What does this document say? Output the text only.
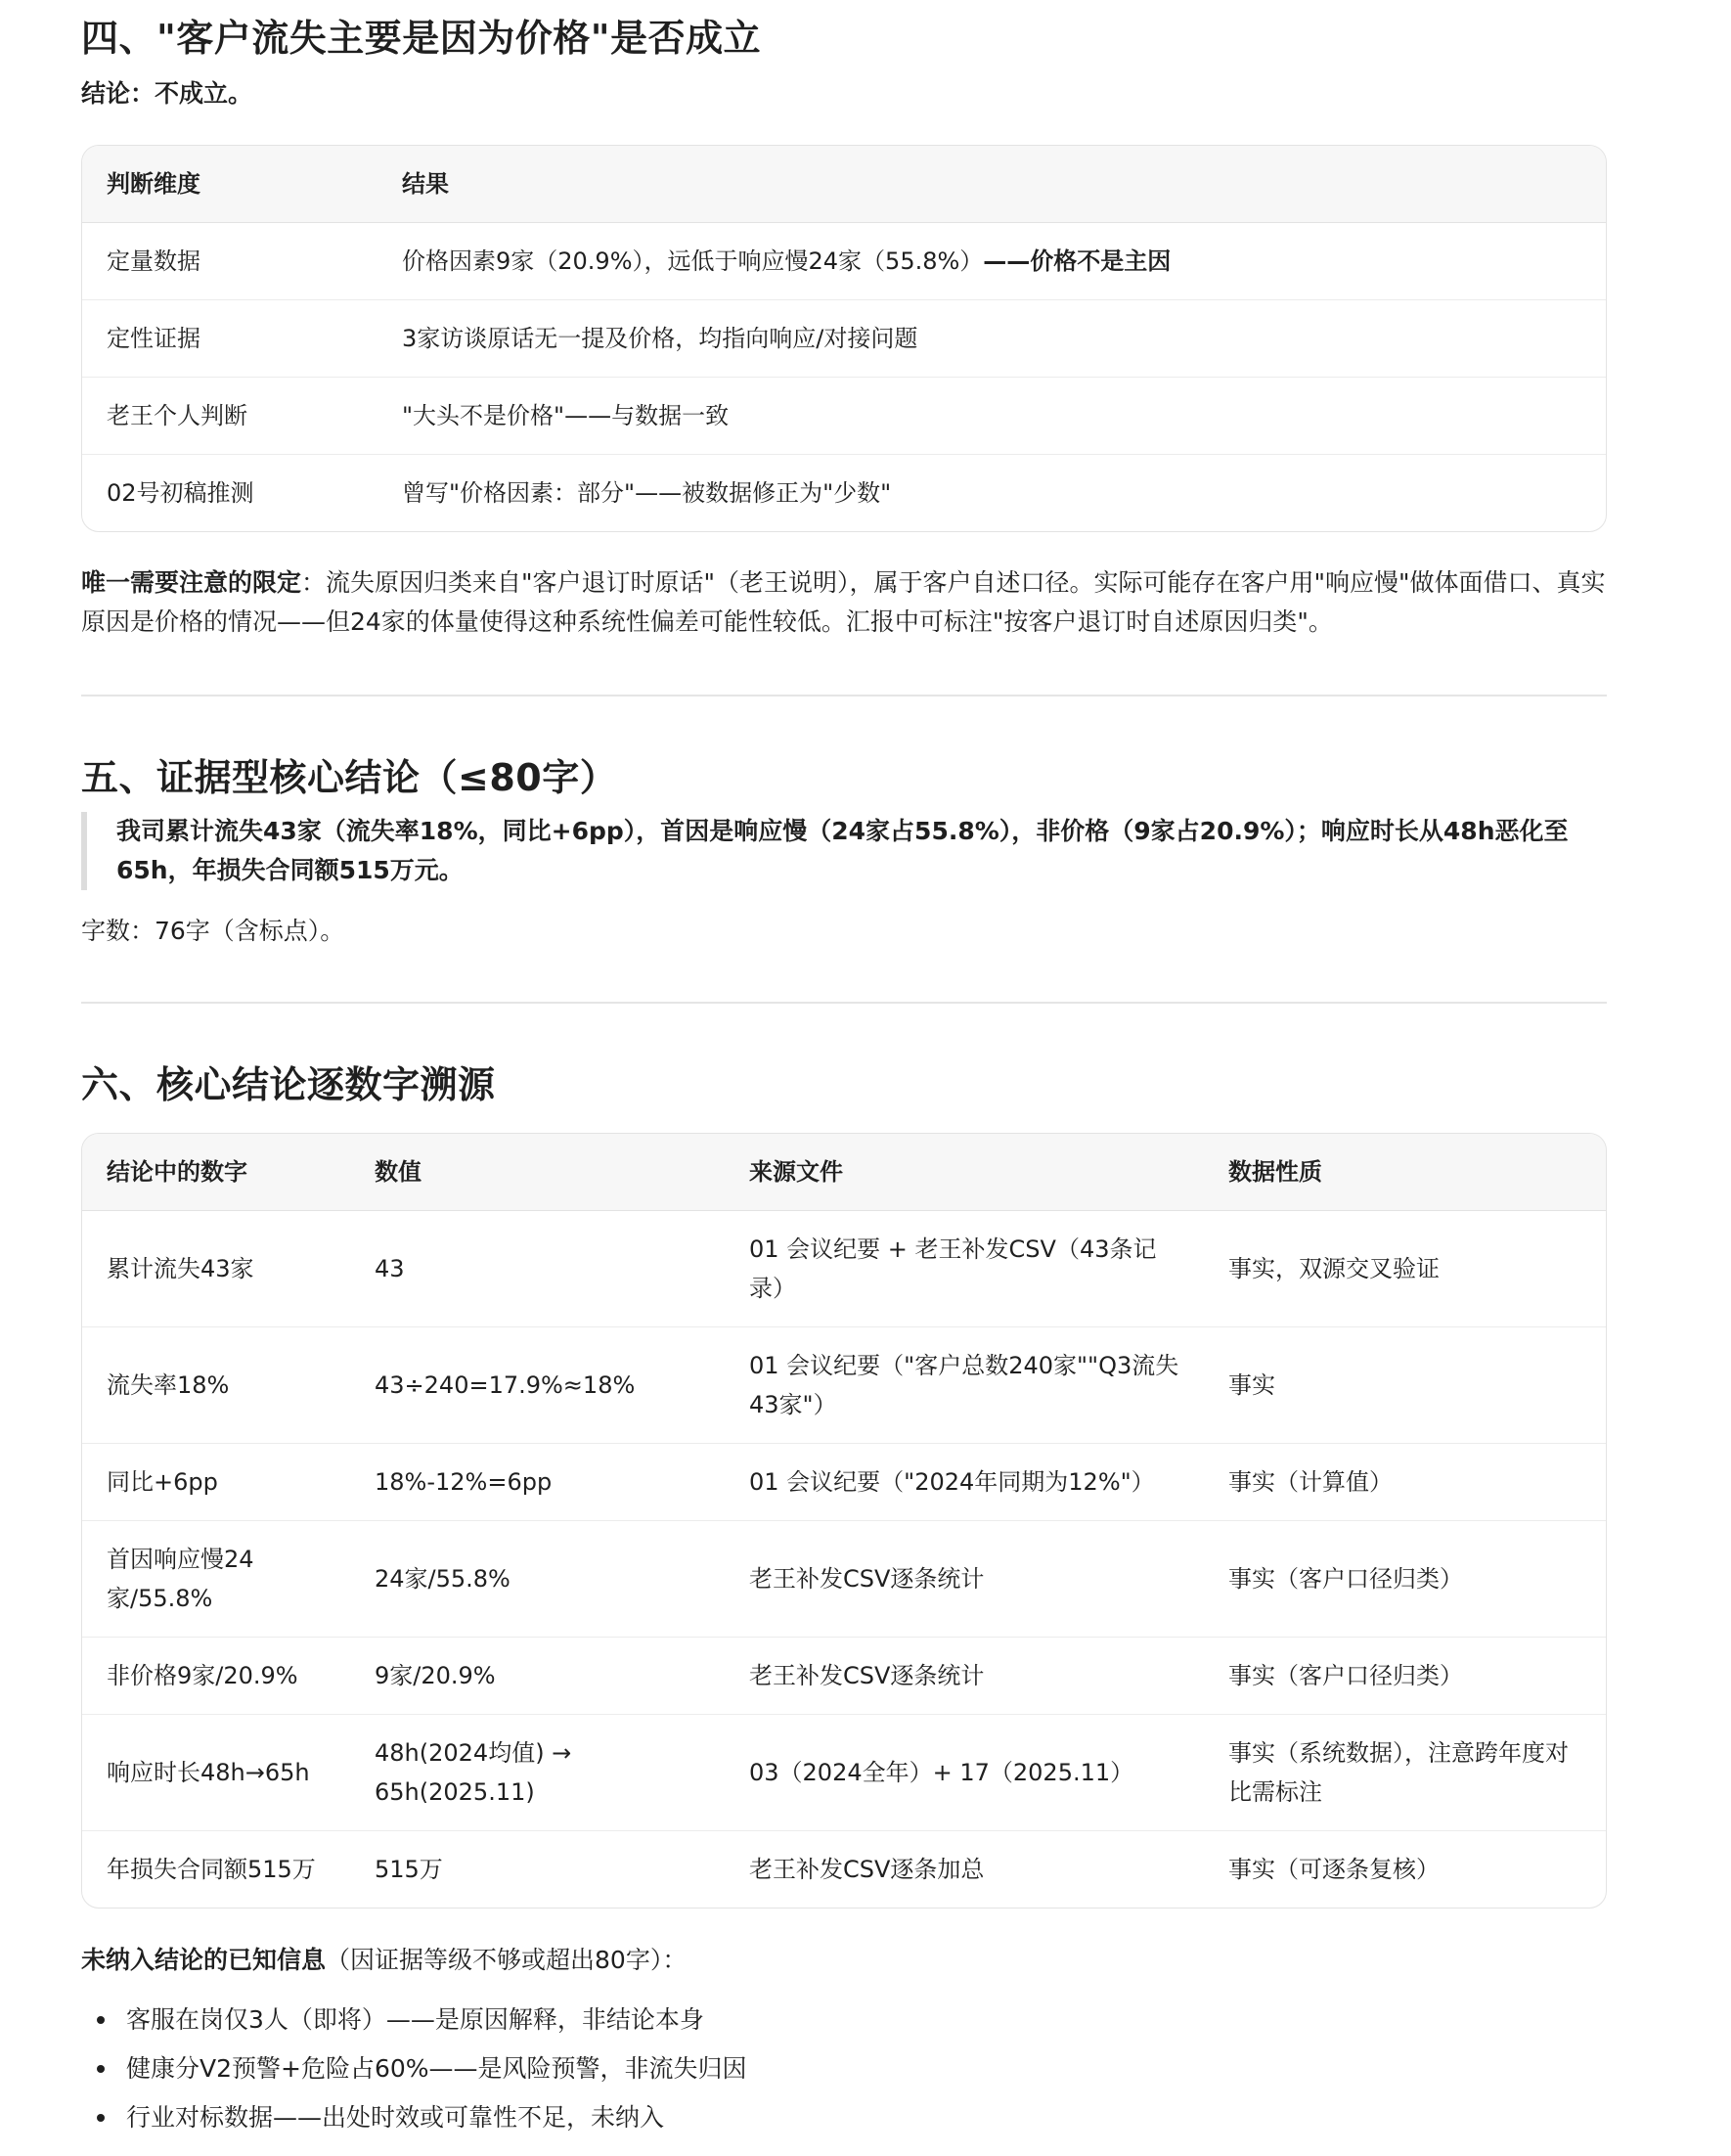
四、"客户流失主要是因为价格"是否成立

结论：不成立。

判断维度	结果
定量数据	价格因素9家（20.9%），远低于响应慢24家（55.8%）——价格不是主因
定性证据	3家访谈原话无一提及价格，均指向响应/对接问题
老王个人判断	"大头不是价格"——与数据一致
02号初稿推测	曾写"价格因素：部分"——被数据修正为"少数"

唯一需要注意的限定：流失原因归类来自"客户退订时原话"（老王说明），属于客户自述口径。实际可能存在客户用"响应慢"做体面借口、真实原因是价格的情况——但24家的体量使得这种系统性偏差可能性较低。汇报中可标注"按客户退订时自述原因归类"。

五、证据型核心结论（≤80字）
我司累计流失43家（流失率18%，同比+6pp），首因是响应慢（24家占55.8%），非价格（9家占20.9%）；响应时长从48h恶化至65h，年损失合同额515万元。

字数：76字（含标点）。

六、核心结论逐数字溯源
结论中的数字	数值	来源文件	数据性质
累计流失43家	43	01 会议纪要 + 老王补发CSV（43条记录）	事实，双源交叉验证
流失率18%	43÷240=17.9%≈18%	01 会议纪要（"客户总数240家""Q3流失43家"）	事实
同比+6pp	18%-12%=6pp	01 会议纪要（"2024年同期为12%"）	事实（计算值）
首因响应慢24家/55.8%	24家/55.8%	老王补发CSV逐条统计	事实（客户口径归类）
非价格9家/20.9%	9家/20.9%	老王补发CSV逐条统计	事实（客户口径归类）
响应时长48h→65h	48h(2024均值) → 65h(2025.11)	03（2024全年）+ 17（2025.11）	事实（系统数据），注意跨年度对比需标注
年损失合同额515万	515万	老王补发CSV逐条加总	事实（可逐条复核）

未纳入结论的已知信息（因证据等级不够或超出80字）：

客服在岗仅3人（即将）——是原因解释，非结论本身
健康分V2预警+危险占60%——是风险预警，非流失归因
行业对标数据——出处时效或可靠性不足，未纳入
